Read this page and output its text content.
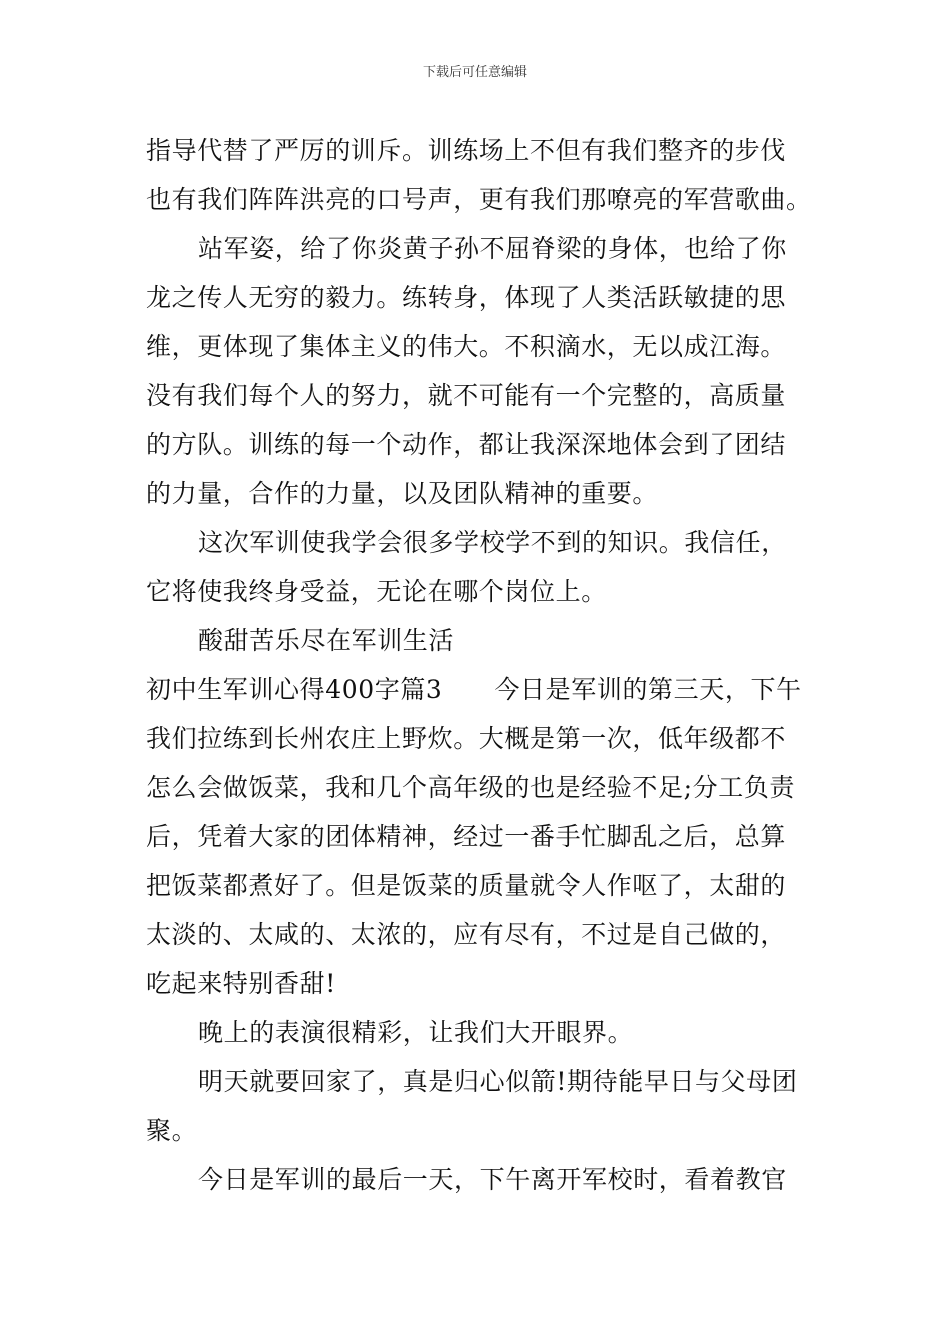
下载后可任意编辑
指导代替了严厉的训斥。训练场上不但有我们整齐的步伐
也有我们阵阵洪亮的口号声，更有我们那嘹亮的军营歌曲。
站军姿，给了你炎黄子孙不屈脊梁的身体，也给了你
龙之传人无穷的毅力。练转身，体现了人类活跃敏捷的思
维，更体现了集体主义的伟大。不积滴水，无以成江海。
没有我们每个人的努力，就不可能有一个完整的，高质量
的方队。训练的每一个动作，都让我深深地体会到了团结
的力量，合作的力量，以及团队精神的重要。
这次军训使我学会很多学校学不到的知识。我信任，
它将使我终身受益，无论在哪个岗位上。
酸甜苦乐尽在军训生活
初中生军训心得400字篇3 今日是军训的第三天，下午
我们拉练到长州农庄上野炊。大概是第一次，低年级都不
怎么会做饭菜，我和几个高年级的也是经验不足;分工负责
后，凭着大家的团体精神，经过一番手忙脚乱之后，总算
把饭菜都煮好了。但是饭菜的质量就令人作呕了，太甜的
太淡的、太咸的、太浓的，应有尽有，不过是自己做的，
吃起来特别香甜!
晚上的表演很精彩，让我们大开眼界。
明天就要回家了，真是归心似箭!期待能早日与父母团
聚。
今日是军训的最后一天，下午离开军校时，看着教官
